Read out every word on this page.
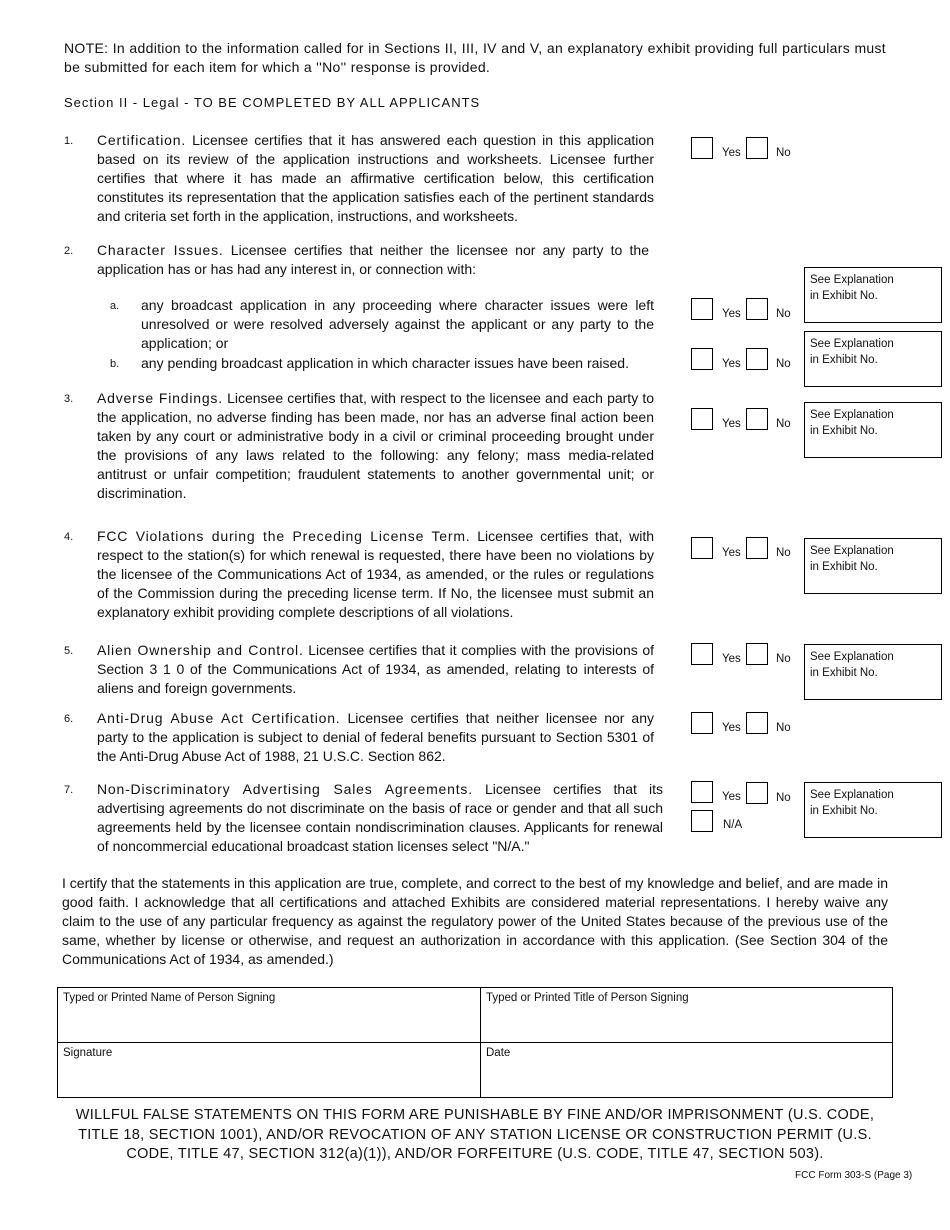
NOTE: In addition to the information called for in Sections II, III, IV and V, an explanatory exhibit providing full particulars must be submitted for each item for which a ''No'' response is provided.
Section II - Legal - TO BE COMPLETED BY ALL APPLICANTS
1. Certification. Licensee certifies that it has answered each question in this application based on its review of the application instructions and worksheets. Licensee further certifies that where it has made an affirmative certification below, this certification constitutes its representation that the application satisfies each of the pertinent standards and criteria set forth in the application, instructions, and worksheets.
Yes	No
2. Character Issues. Licensee certifies that neither the licensee nor any party to the application has or has had any interest in, or connection with:
a. any broadcast application in any proceeding where character issues were left unresolved or were resolved adversely against the applicant or any party to the application; or
b. any pending broadcast application in which character issues have been raised.
See Explanation
in Exhibit No.
Yes	No
See Explanation
in Exhibit No.
Yes	No
3. Adverse Findings. Licensee certifies that, with respect to the licensee and each party to the application, no adverse finding has been made, nor has an adverse final action been taken by any court or administrative body in a civil or criminal proceeding brought under the provisions of any laws related to the following: any felony; mass media-related antitrust or unfair competition; fraudulent statements to another governmental unit; or discrimination.
Yes	No
See Explanation
in Exhibit No.
4. FCC Violations during the Preceding License Term. Licensee certifies that, with respect to the station(s) for which renewal is requested, there have been no violations by the licensee of the Communications Act of 1934, as amended, or the rules or regulations of the Commission during the preceding license term. If No, the licensee must submit an explanatory exhibit providing complete descriptions of all violations.
Yes	No See Explanation
in Exhibit No.
5. Alien Ownership and Control. Licensee certifies that it complies with the provisions of Section 3 1 0 of the Communications Act of 1934, as amended, relating to interests of aliens and foreign governments.
Yes	No See Explanation
in Exhibit No.
6. Anti-Drug Abuse Act Certification. Licensee certifies that neither licensee nor any party to the application is subject to denial of federal benefits pursuant to Section 5301 of the Anti-Drug Abuse Act of 1988, 21 U.S.C. Section 862.
Yes	No
7. Non-Discriminatory Advertising Sales Agreements. Licensee certifies that its advertising agreements do not discriminate on the basis of race or gender and that all such agreements held by the licensee contain nondiscrimination clauses. Applicants for renewal of noncommercial educational broadcast station licenses select "N/A."
Yes	No
N/A
See Explanation
in Exhibit No.
I certify that the statements in this application are true, complete, and correct to the best of my knowledge and belief, and are made in good faith. I acknowledge that all certifications and attached Exhibits are considered material representations. I hereby waive any claim to the use of any particular frequency as against the regulatory power of the United States because of the previous use of the same, whether by license or otherwise, and request an authorization in accordance with this application. (See Section 304 of the Communications Act of 1934, as amended.)
Typed or Printed Name of Person Signing	Typed or Printed Title of Person Signing
Signature	Date
WILLFUL FALSE STATEMENTS ON THIS FORM ARE PUNISHABLE BY FINE AND/OR IMPRISONMENT (U.S. CODE, TITLE 18, SECTION 1001), AND/OR REVOCATION OF ANY STATION LICENSE OR CONSTRUCTION PERMIT (U.S. CODE, TITLE 47, SECTION 312(a)(1)), AND/OR FORFEITURE (U.S. CODE, TITLE 47, SECTION 503).
FCC Form 303-S (Page 3)
